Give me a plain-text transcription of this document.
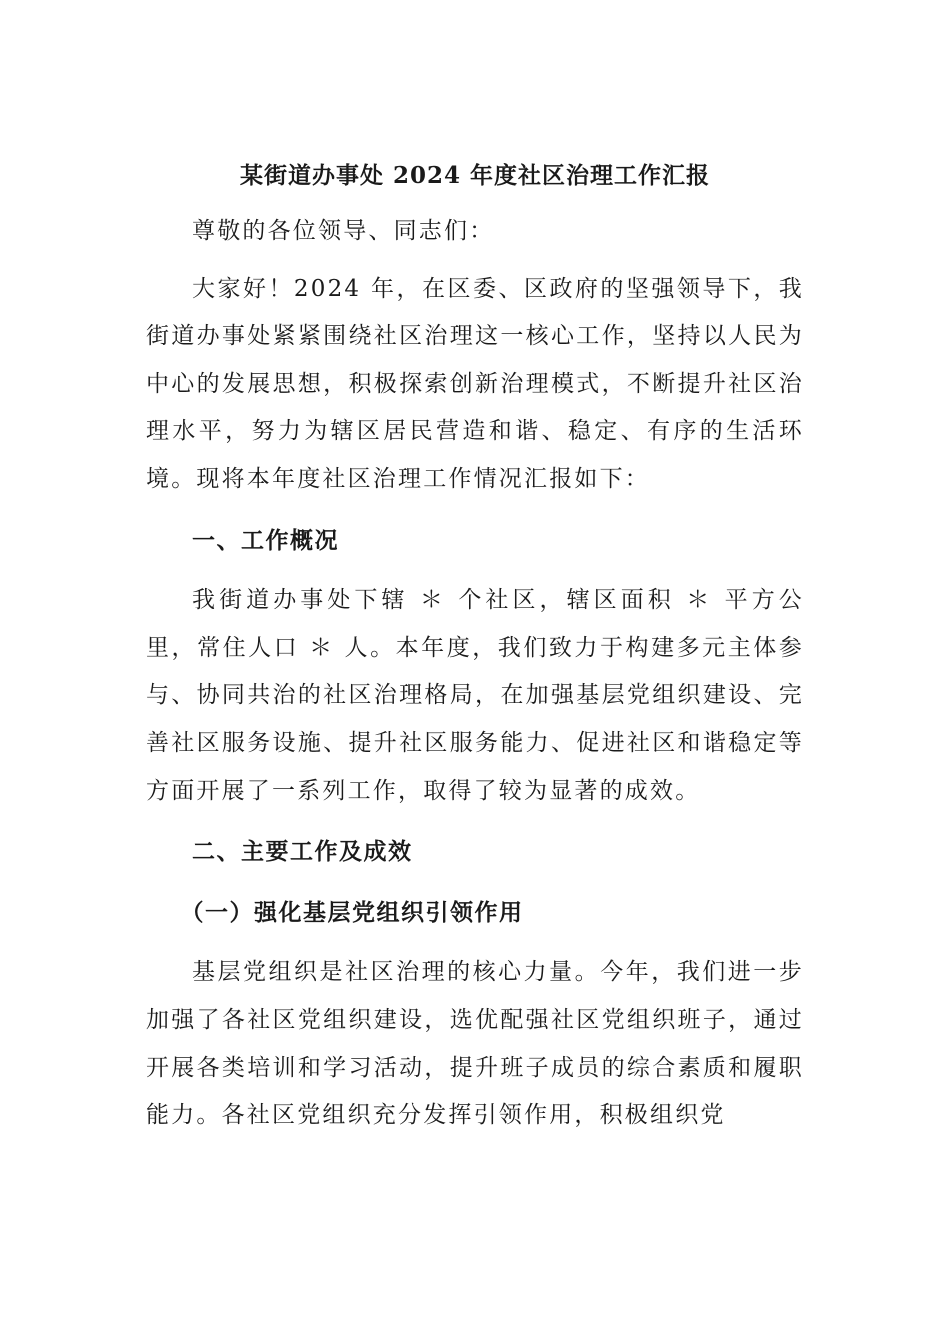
某街道办事处 2024 年度社区治理工作汇报

尊敬的各位领导、同志们：

大家好！2024 年，在区委、区政府的坚强领导下，我街道办事处紧紧围绕社区治理这一核心工作，坚持以人民为中心的发展思想，积极探索创新治理模式，不断提升社区治理水平，努力为辖区居民营造和谐、稳定、有序的生活环境。现将本年度社区治理工作情况汇报如下：

一、工作概况

我街道办事处下辖 ＊ 个社区，辖区面积 ＊ 平方公里，常住人口 ＊ 人。本年度，我们致力于构建多元主体参与、协同共治的社区治理格局，在加强基层党组织建设、完善社区服务设施、提升社区服务能力、促进社区和谐稳定等方面开展了一系列工作，取得了较为显著的成效。

二、主要工作及成效
（一）强化基层党组织引领作用

基层党组织是社区治理的核心力量。今年，我们进一步加强了各社区党组织建设，选优配强社区党组织班子，通过开展各类培训和学习活动，提升班子成员的综合素质和履职能力。各社区党组织充分发挥引领作用，积极组织党
